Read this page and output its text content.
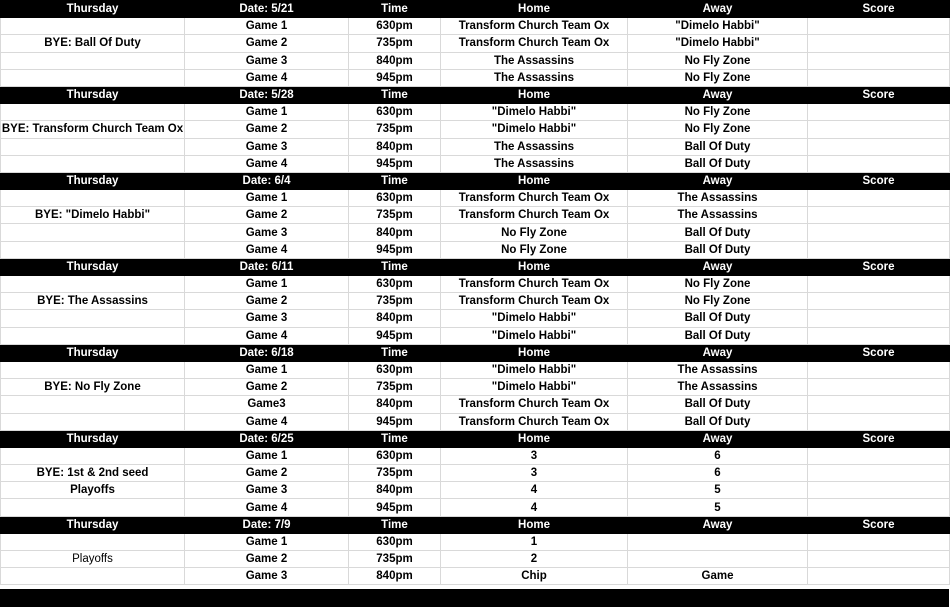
Thursday	Date: 5/21	Time	Home	Away	Score
	Game 1	630pm	Transform Church Team Ox	"Dimelo Habbi"	
BYE: Ball Of Duty	Game 2	735pm	Transform Church Team Ox	"Dimelo Habbi"	
	Game 3	840pm	The Assassins	No Fly Zone	
	Game 4	945pm	The Assassins	No Fly Zone	
Thursday	Date: 5/28	Time	Home	Away	Score
	Game 1	630pm	"Dimelo Habbi"	No Fly Zone	
BYE: Transform Church Team Ox	Game 2	735pm	"Dimelo Habbi"	No Fly Zone	
	Game 3	840pm	The Assassins	Ball Of Duty	
	Game 4	945pm	The Assassins	Ball Of Duty	
Thursday	Date: 6/4	Time	Home	Away	Score
	Game 1	630pm	Transform Church Team Ox	The Assassins	
BYE: "Dimelo Habbi"	Game 2	735pm	Transform Church Team Ox	The Assassins	
	Game 3	840pm	No Fly Zone	Ball Of Duty	
	Game 4	945pm	No Fly Zone	Ball Of Duty	
Thursday	Date: 6/11	Time	Home	Away	Score
	Game 1	630pm	Transform Church Team Ox	No Fly Zone	
BYE: The Assassins	Game 2	735pm	Transform Church Team Ox	No Fly Zone	
	Game 3	840pm	"Dimelo Habbi"	Ball Of Duty	
	Game 4	945pm	"Dimelo Habbi"	Ball Of Duty	
Thursday	Date: 6/18	Time	Home	Away	Score
	Game 1	630pm	"Dimelo Habbi"	The Assassins	
BYE: No Fly Zone	Game 2	735pm	"Dimelo Habbi"	The Assassins	
	Game3	840pm	Transform Church Team Ox	Ball Of Duty	
	Game 4	945pm	Transform Church Team Ox	Ball Of Duty	
Thursday	Date: 6/25	Time	Home	Away	Score
	Game 1	630pm	3	6	
BYE: 1st & 2nd seed	Game 2	735pm	3	6	
Playoffs	Game 3	840pm	4	5	
	Game 4	945pm	4	5	
Thursday	Date: 7/9	Time	Home	Away	Score
	Game 1	630pm	1		
Playoffs	Game 2	735pm	2		
	Game 3	840pm	Chip	Game	
